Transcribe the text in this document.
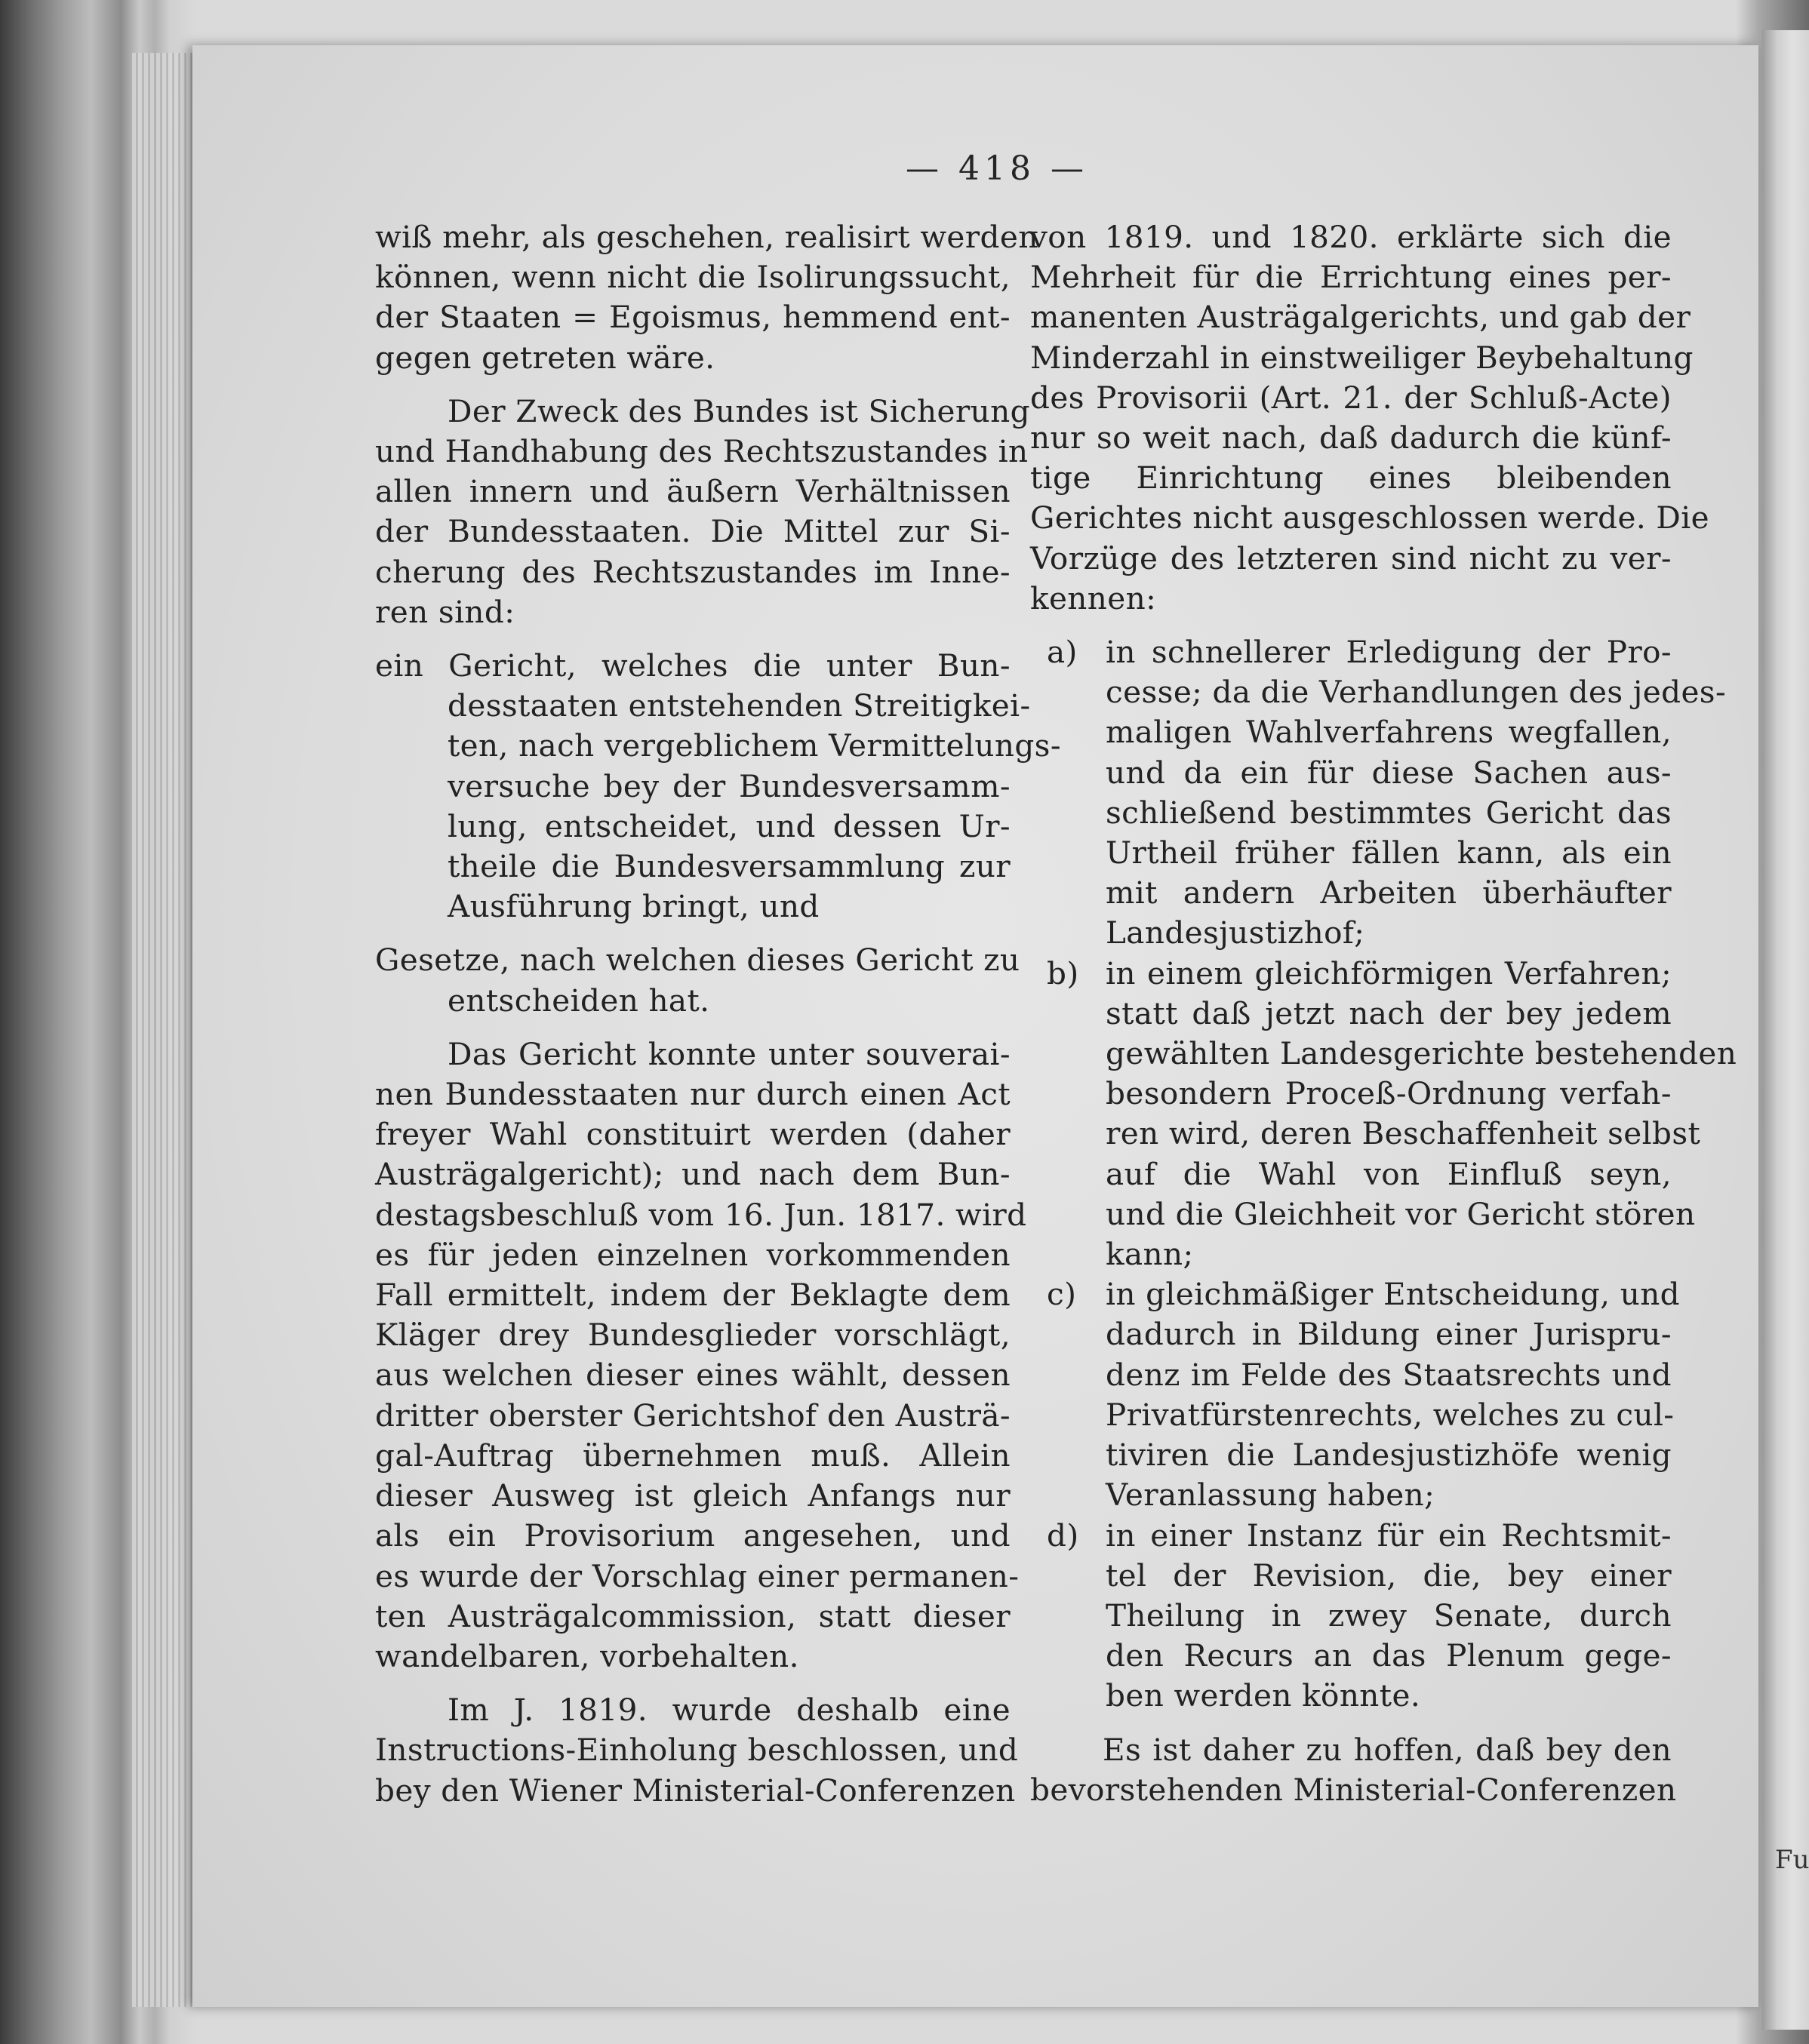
Fu
— 418 —

wiß mehr, als geschehen, realisirt werden

können, wenn nicht die Isolirungssucht,

der Staaten = Egoismus, hemmend ent-

gegen getreten wäre.

Der Zweck des Bundes ist Sicherung

und Handhabung des Rechtszustandes in

allen innern und äußern Verhältnissen

der Bundesstaaten. Die Mittel zur Si-

cherung des Rechtszustandes im Inne-

ren sind:

ein Gericht, welches die unter Bun-

desstaaten entstehenden Streitigkei-

ten, nach vergeblichem Vermittelungs-

versuche bey der Bundesversamm-

lung, entscheidet, und dessen Ur-

theile die Bundesversammlung zur

Ausführung bringt, und

Gesetze, nach welchen dieses Gericht zu

entscheiden hat.

Das Gericht konnte unter souverai-

nen Bundesstaaten nur durch einen Act

freyer Wahl constituirt werden (daher

Austrägalgericht); und nach dem Bun-

destagsbeschluß vom 16. Jun. 1817. wird

es für jeden einzelnen vorkommenden

Fall ermittelt, indem der Beklagte dem

Kläger drey Bundesglieder vorschlägt,

aus welchen dieser eines wählt, dessen

dritter oberster Gerichtshof den Austrä-

gal-Auftrag übernehmen muß. Allein

dieser Ausweg ist gleich Anfangs nur

als ein Provisorium angesehen, und

es wurde der Vorschlag einer permanen-

ten Austrägalcommission, statt dieser

wandelbaren, vorbehalten.

Im J. 1819. wurde deshalb eine

Instructions-Einholung beschlossen, und

bey den Wiener Ministerial-Conferenzen

von 1819. und 1820. erklärte sich die

Mehrheit für die Errichtung eines per-

manenten Austrägalgerichts, und gab der

Minderzahl in einstweiliger Beybehaltung

des Provisorii (Art. 21. der Schluß-Acte)

nur so weit nach, daß dadurch die künf-

tige Einrichtung eines bleibenden

Gerichtes nicht ausgeschlossen werde. Die

Vorzüge des letzteren sind nicht zu ver-

kennen:

a) in schnellerer Erledigung der Pro-

cesse; da die Verhandlungen des jedes-

maligen Wahlverfahrens wegfallen,

und da ein für diese Sachen aus-

schließend bestimmtes Gericht das

Urtheil früher fällen kann, als ein

mit andern Arbeiten überhäufter

Landesjustizhof;

b) in einem gleichförmigen Verfahren;

statt daß jetzt nach der bey jedem

gewählten Landesgerichte bestehenden

besondern Proceß-Ordnung verfah-

ren wird, deren Beschaffenheit selbst

auf die Wahl von Einfluß seyn,

und die Gleichheit vor Gericht stören

kann;

c) in gleichmäßiger Entscheidung, und

dadurch in Bildung einer Jurispru-

denz im Felde des Staatsrechts und

Privatfürstenrechts, welches zu cul-

tiviren die Landesjustizhöfe wenig

Veranlassung haben;

d) in einer Instanz für ein Rechtsmit-

tel der Revision, die, bey einer

Theilung in zwey Senate, durch

den Recurs an das Plenum gege-

ben werden könnte.

Es ist daher zu hoffen, daß bey den

bevorstehenden Ministerial-Conferenzen
